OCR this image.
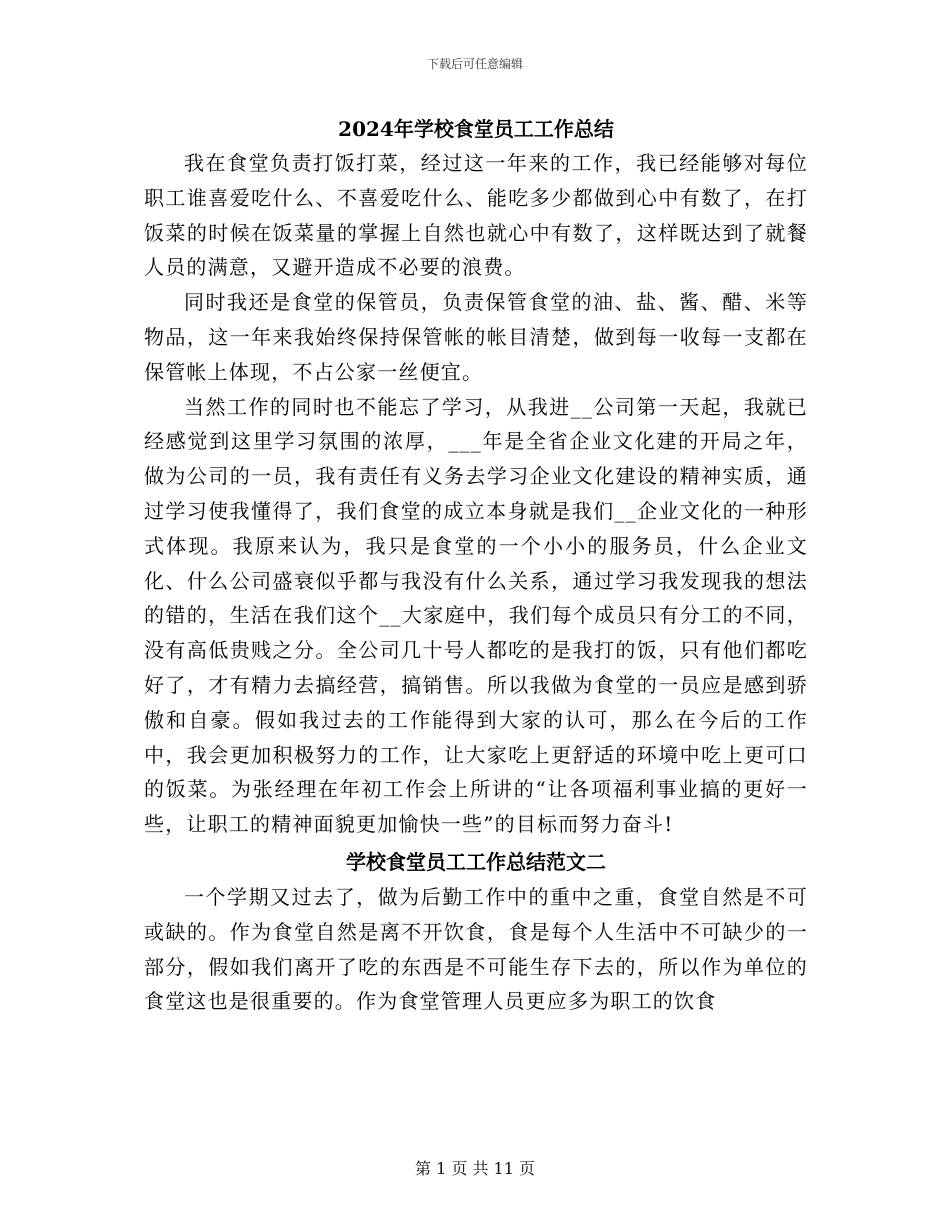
下载后可任意编辑
2024年学校食堂员工工作总结

我在食堂负责打饭打菜，经过这一年来的工作，我已经能够对每位职工谁喜爱吃什么、不喜爱吃什么、能吃多少都做到心中有数了，在打饭菜的时候在饭菜量的掌握上自然也就心中有数了，这样既达到了就餐人员的满意，又避开造成不必要的浪费。

同时我还是食堂的保管员，负责保管食堂的油、盐、酱、醋、米等物品，这一年来我始终保持保管帐的帐目清楚，做到每一收每一支都在保管帐上体现，不占公家一丝便宜。

当然工作的同时也不能忘了学习，从我进__公司第一天起，我就已经感觉到这里学习氛围的浓厚，___年是全省企业文化建的开局之年，做为公司的一员，我有责任有义务去学习企业文化建设的精神实质，通过学习使我懂得了，我们食堂的成立本身就是我们__企业文化的一种形式体现。我原来认为，我只是食堂的一个小小的服务员，什么企业文化、什么公司盛衰似乎都与我没有什么关系，通过学习我发现我的想法的错的，生活在我们这个__大家庭中，我们每个成员只有分工的不同，没有高低贵贱之分。全公司几十号人都吃的是我打的饭，只有他们都吃好了，才有精力去搞经营，搞销售。所以我做为食堂的一员应是感到骄傲和自豪。假如我过去的工作能得到大家的认可，那么在今后的工作中，我会更加积极努力的工作，让大家吃上更舒适的环境中吃上更可口的饭菜。为张经理在年初工作会上所讲的“让各项福利事业搞的更好一些，让职工的精神面貌更加愉快一些”的目标而努力奋斗!

学校食堂员工工作总结范文二

一个学期又过去了，做为后勤工作中的重中之重，食堂自然是不可或缺的。作为食堂自然是离不开饮食，食是每个人生活中不可缺少的一部分，假如我们离开了吃的东西是不可能生存下去的，所以作为单位的食堂这也是很重要的。作为食堂管理人员更应多为职工的饮食

第 1 页 共 11 页
